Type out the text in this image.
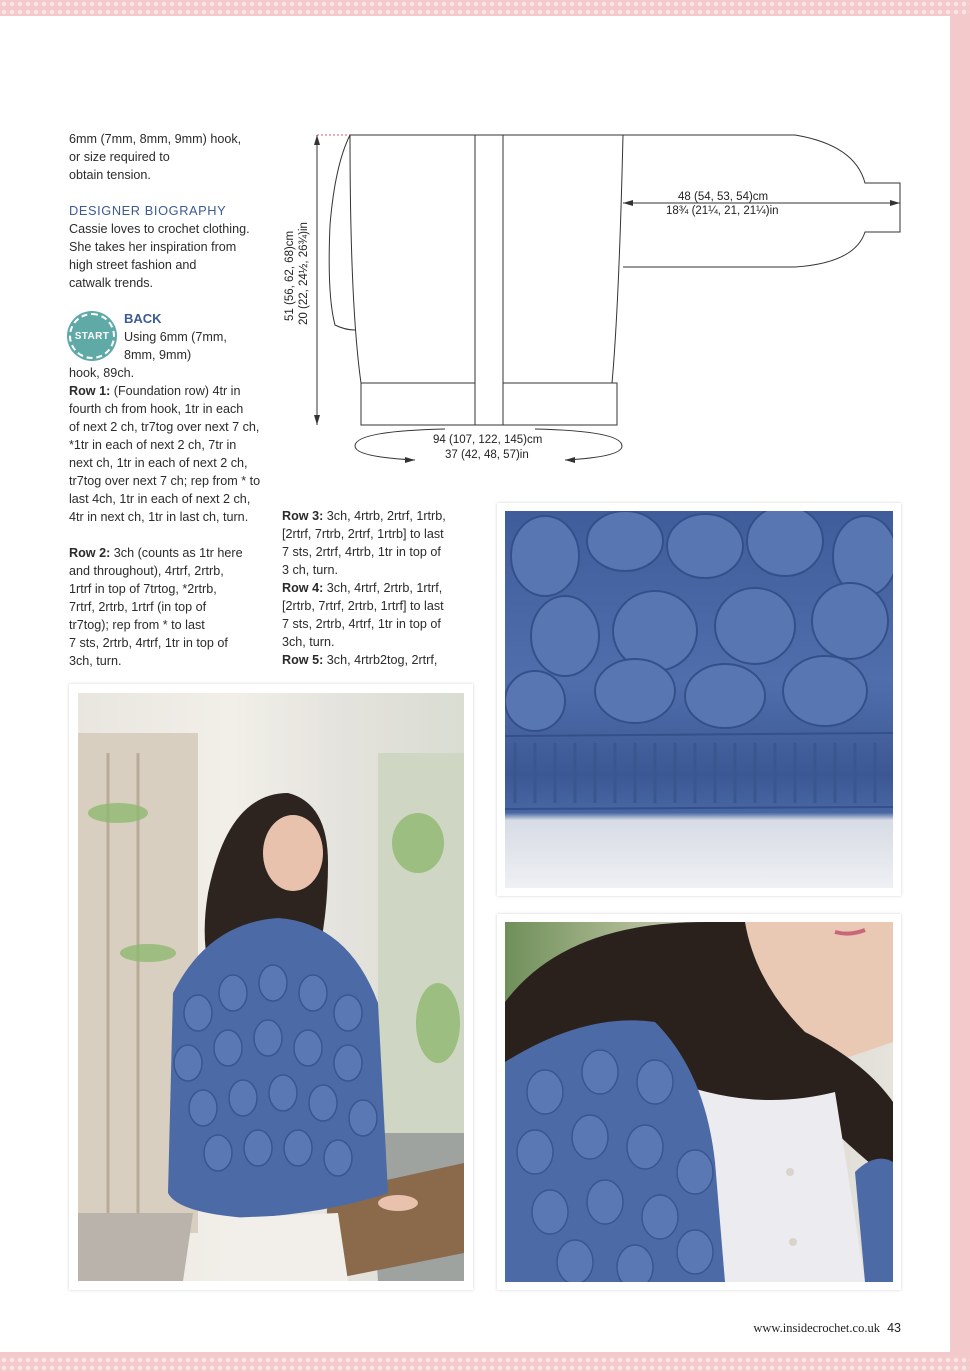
6mm (7mm, 8mm, 9mm) hook,
or size required to
obtain tension.
DESIGNER BIOGRAPHY
Cassie loves to crochet clothing.
She takes her inspiration from
high street fashion and
catwalk trends.
START
BACK
Using 6mm (7mm,
8mm, 9mm)
hook, 89ch.
Row 1: (Foundation row) 4tr in
fourth ch from hook, 1tr in each
of next 2 ch, tr7tog over next 7 ch,
*1tr in each of next 2 ch, 7tr in
next ch, 1tr in each of next 2 ch,
tr7tog over next 7 ch; rep from * to
last 4ch, 1tr in each of next 2 ch,
4tr in next ch, 1tr in last ch, turn.
Row 2: 3ch (counts as 1tr here
and throughout), 4rtrf, 2rtrb,
1rtrf in top of 7trtog, *2rtrb,
7rtrf, 2rtrb, 1rtrf (in top of
tr7tog); rep from * to last
7 sts, 2rtrb, 4rtrf, 1tr in top of
3ch, turn.
Row 3: 3ch, 4rtrb, 2rtrf, 1rtrb,
[2rtrf, 7rtrb, 2rtrf, 1rtrb] to last
7 sts, 2rtrf, 4rtrb, 1tr in top of
3 ch, turn.
Row 4: 3ch, 4rtrf, 2rtrb, 1rtrf,
[2rtrb, 7rtrf, 2rtrb, 1rtrf] to last
7 sts, 2rtrb, 4rtrf, 1tr in top of
3ch, turn.
Row 5: 3ch, 4rtrb2tog, 2rtrf,
51 (56, 62, 68)cm 20 (22, 24½, 26¾)in
48 (54, 53, 54)cm
18¾ (21¼, 21, 21¼)in
94 (107, 122, 145)cm
37 (42, 48, 57)in
www.insidecrochet.co.uk 43
